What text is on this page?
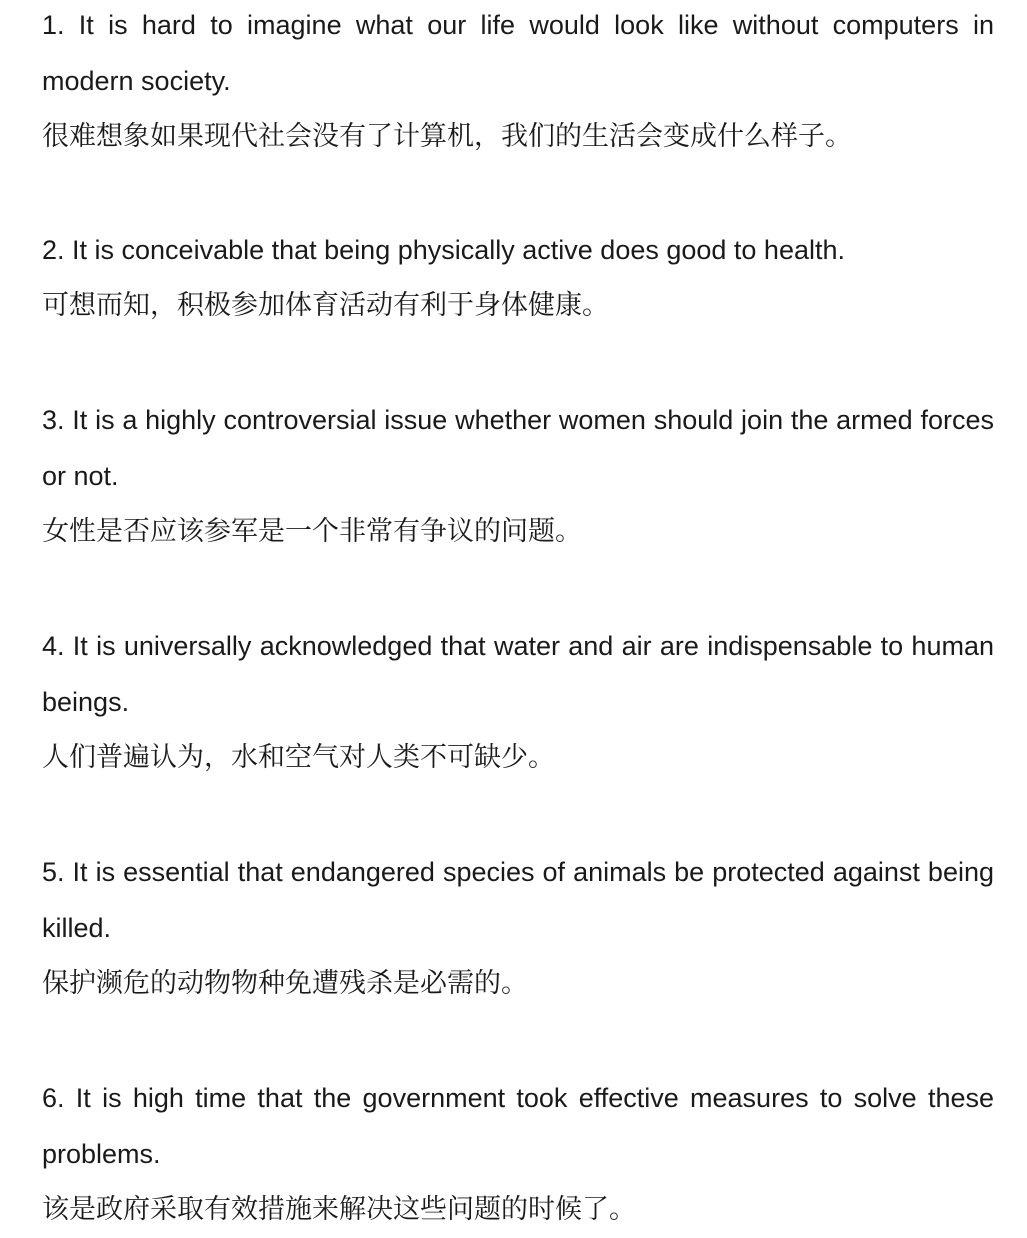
1. It is hard to imagine what our life would look like without computers in modern society.

很难想象如果现代社会没有了计算机，我们的生活会变成什么样子。

2. It is conceivable that being physically active does good to health.

可想而知，积极参加体育活动有利于身体健康。

3. It is a highly controversial issue whether women should join the armed forces or not.

女性是否应该参军是一个非常有争议的问题。

4. It is universally acknowledged that water and air are indispensable to human beings.

人们普遍认为，水和空气对人类不可缺少。

5. It is essential that endangered species of animals be protected against being killed.

保护濒危的动物物种免遭残杀是必需的。

6. It is high time that the government took effective measures to solve these problems.

该是政府采取有效措施来解决这些问题的时候了。
